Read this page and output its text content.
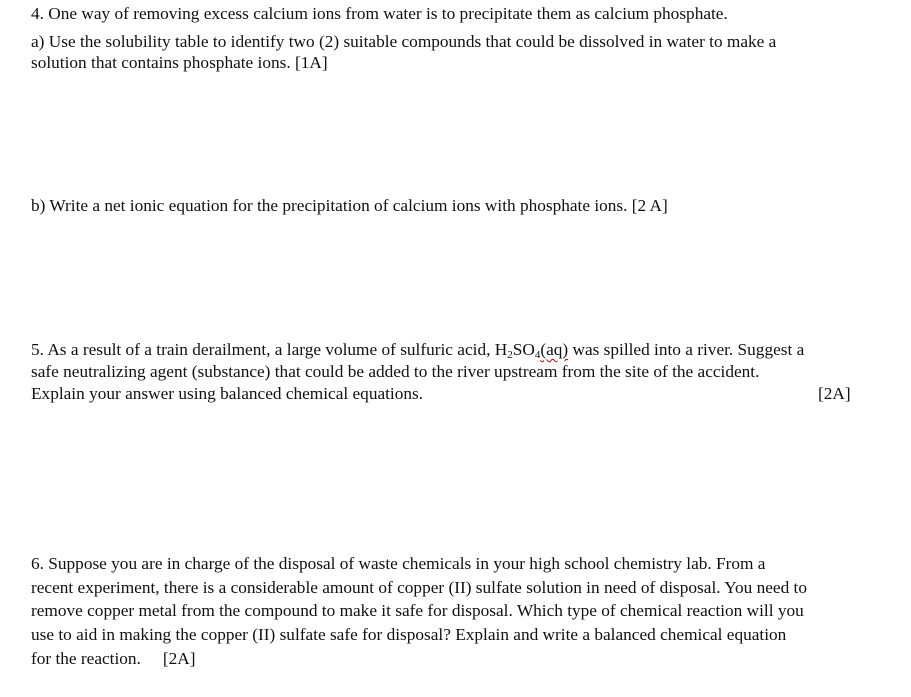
4. One way of removing excess calcium ions from water is to precipitate them as calcium phosphate.
a) Use the solubility table to identify two (2) suitable compounds that could be dissolved in water to make a
solution that contains phosphate ions. [1A]
b) Write a net ionic equation for the precipitation of calcium ions with phosphate ions. [2 A]
5. As a result of a train derailment, a large volume of sulfuric acid, $H_2SO_4(aq)$ was spilled into a river. Suggest a
safe neutralizing agent (substance) that could be added to the river upstream from the site of the accident.
Explain your answer using balanced chemical equations.	[2A]
6. Suppose you are in charge of the disposal of waste chemicals in your high school chemistry lab. From a
recent experiment, there is a considerable amount of copper (II) sulfate solution in need of disposal. You need to
remove copper metal from the compound to make it safe for disposal. Which type of chemical reaction will you
use to aid in making the copper (II) sulfate safe for disposal? Explain and write a balanced chemical equation
for the reaction. [2A]
